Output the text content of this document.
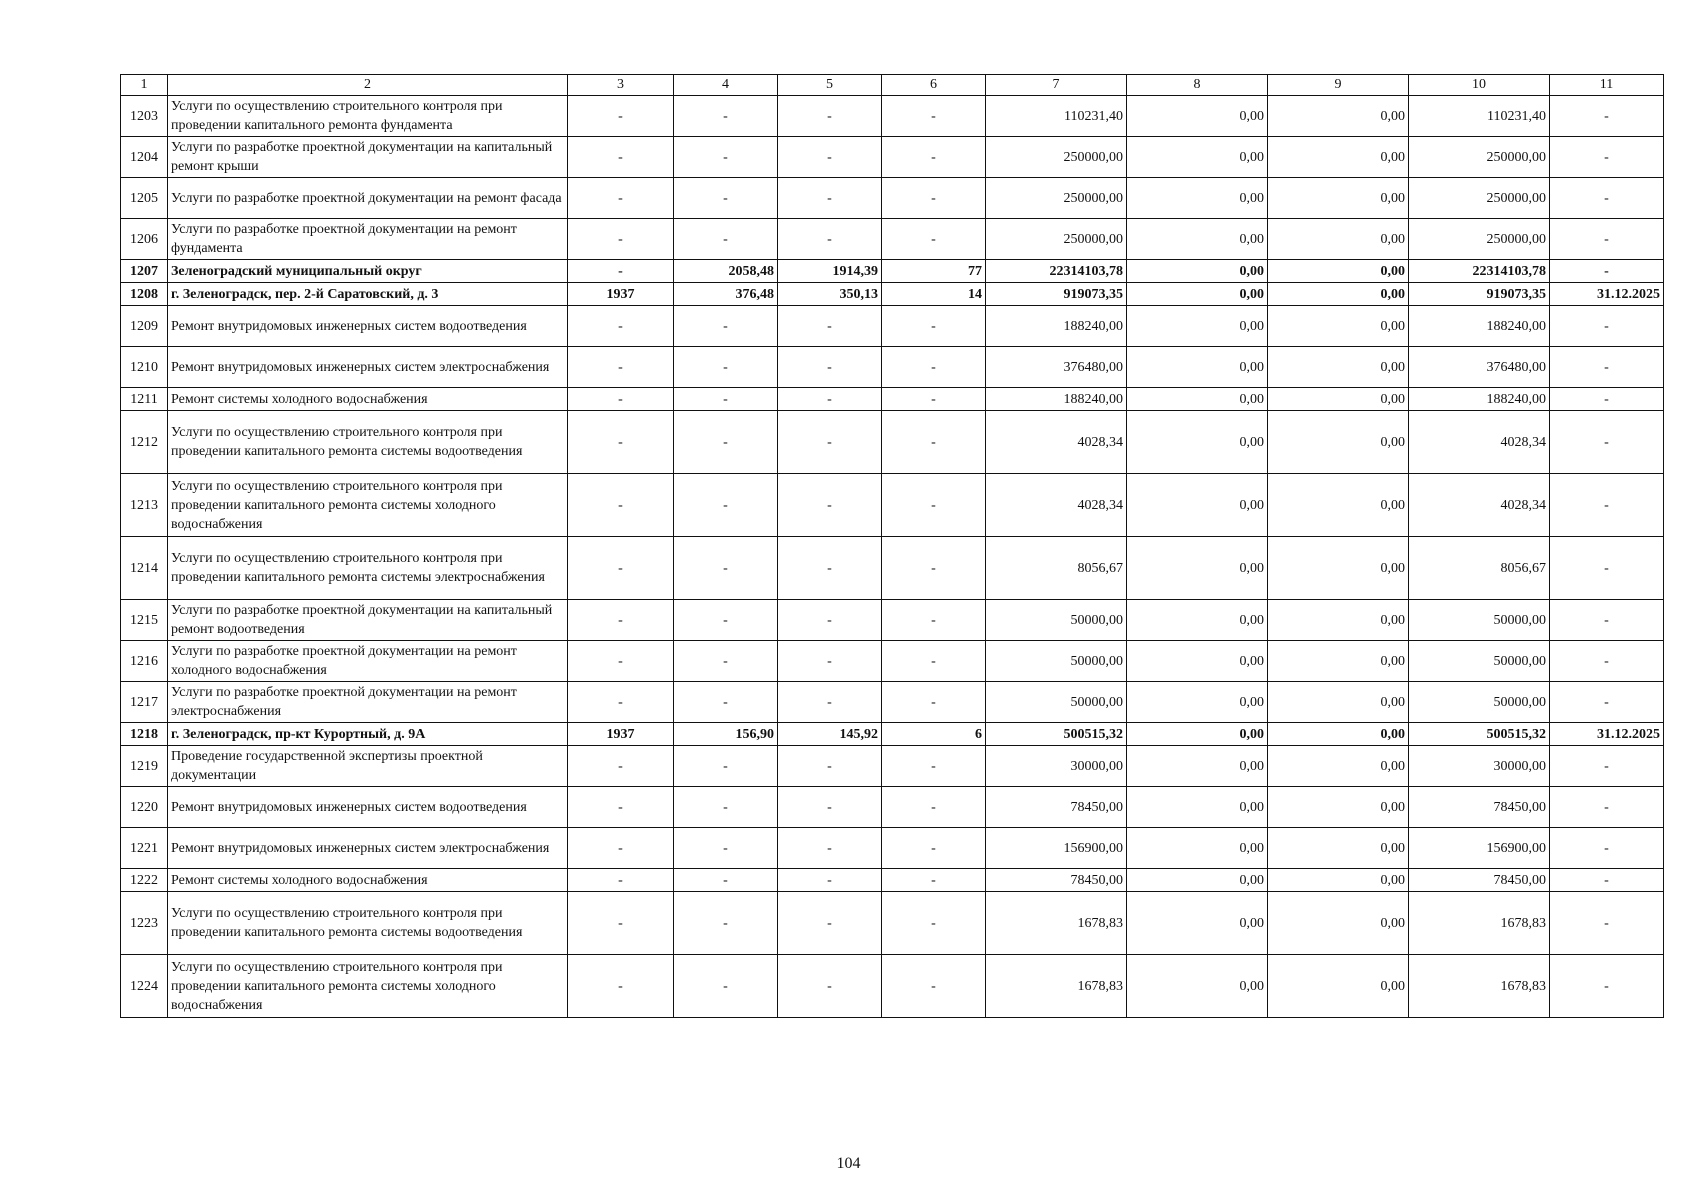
1	2	3	4	5	6	7	8	9	10	11
1203	Услуги по осуществлению строительного контроля при проведении капитального ремонта фундамента	-	-	-	-	110231,40	0,00	0,00	110231,40	-
1204	Услуги по разработке проектной документации на капитальный ремонт крыши	-	-	-	-	250000,00	0,00	0,00	250000,00	-
1205	Услуги по разработке проектной документации на ремонт фасада	-	-	-	-	250000,00	0,00	0,00	250000,00	-
1206	Услуги по разработке проектной документации на ремонт фундамента	-	-	-	-	250000,00	0,00	0,00	250000,00	-
1207	Зеленоградский муниципальный округ	-	2058,48	1914,39	77	22314103,78	0,00	0,00	22314103,78	-
1208	г. Зеленоградск, пер. 2-й Саратовский, д. 3	1937	376,48	350,13	14	919073,35	0,00	0,00	919073,35	31.12.2025
1209	Ремонт внутридомовых инженерных систем водоотведения	-	-	-	-	188240,00	0,00	0,00	188240,00	-
1210	Ремонт внутридомовых инженерных систем электроснабжения	-	-	-	-	376480,00	0,00	0,00	376480,00	-
1211	Ремонт системы холодного водоснабжения	-	-	-	-	188240,00	0,00	0,00	188240,00	-
1212	Услуги по осуществлению строительного контроля при проведении капитального ремонта системы водоотведения	-	-	-	-	4028,34	0,00	0,00	4028,34	-
1213	Услуги по осуществлению строительного контроля при проведении капитального ремонта системы холодного водоснабжения	-	-	-	-	4028,34	0,00	0,00	4028,34	-
1214	Услуги по осуществлению строительного контроля при проведении капитального ремонта системы электроснабжения	-	-	-	-	8056,67	0,00	0,00	8056,67	-
1215	Услуги по разработке проектной документации на капитальный ремонт водоотведения	-	-	-	-	50000,00	0,00	0,00	50000,00	-
1216	Услуги по разработке проектной документации на ремонт холодного водоснабжения	-	-	-	-	50000,00	0,00	0,00	50000,00	-
1217	Услуги по разработке проектной документации на ремонт электроснабжения	-	-	-	-	50000,00	0,00	0,00	50000,00	-
1218	г. Зеленоградск, пр-кт Курортный, д. 9А	1937	156,90	145,92	6	500515,32	0,00	0,00	500515,32	31.12.2025
1219	Проведение государственной экспертизы проектной документации	-	-	-	-	30000,00	0,00	0,00	30000,00	-
1220	Ремонт внутридомовых инженерных систем водоотведения	-	-	-	-	78450,00	0,00	0,00	78450,00	-
1221	Ремонт внутридомовых инженерных систем электроснабжения	-	-	-	-	156900,00	0,00	0,00	156900,00	-
1222	Ремонт системы холодного водоснабжения	-	-	-	-	78450,00	0,00	0,00	78450,00	-
1223	Услуги по осуществлению строительного контроля при проведении капитального ремонта системы водоотведения	-	-	-	-	1678,83	0,00	0,00	1678,83	-
1224	Услуги по осуществлению строительного контроля при проведении капитального ремонта системы холодного водоснабжения	-	-	-	-	1678,83	0,00	0,00	1678,83	-
104
